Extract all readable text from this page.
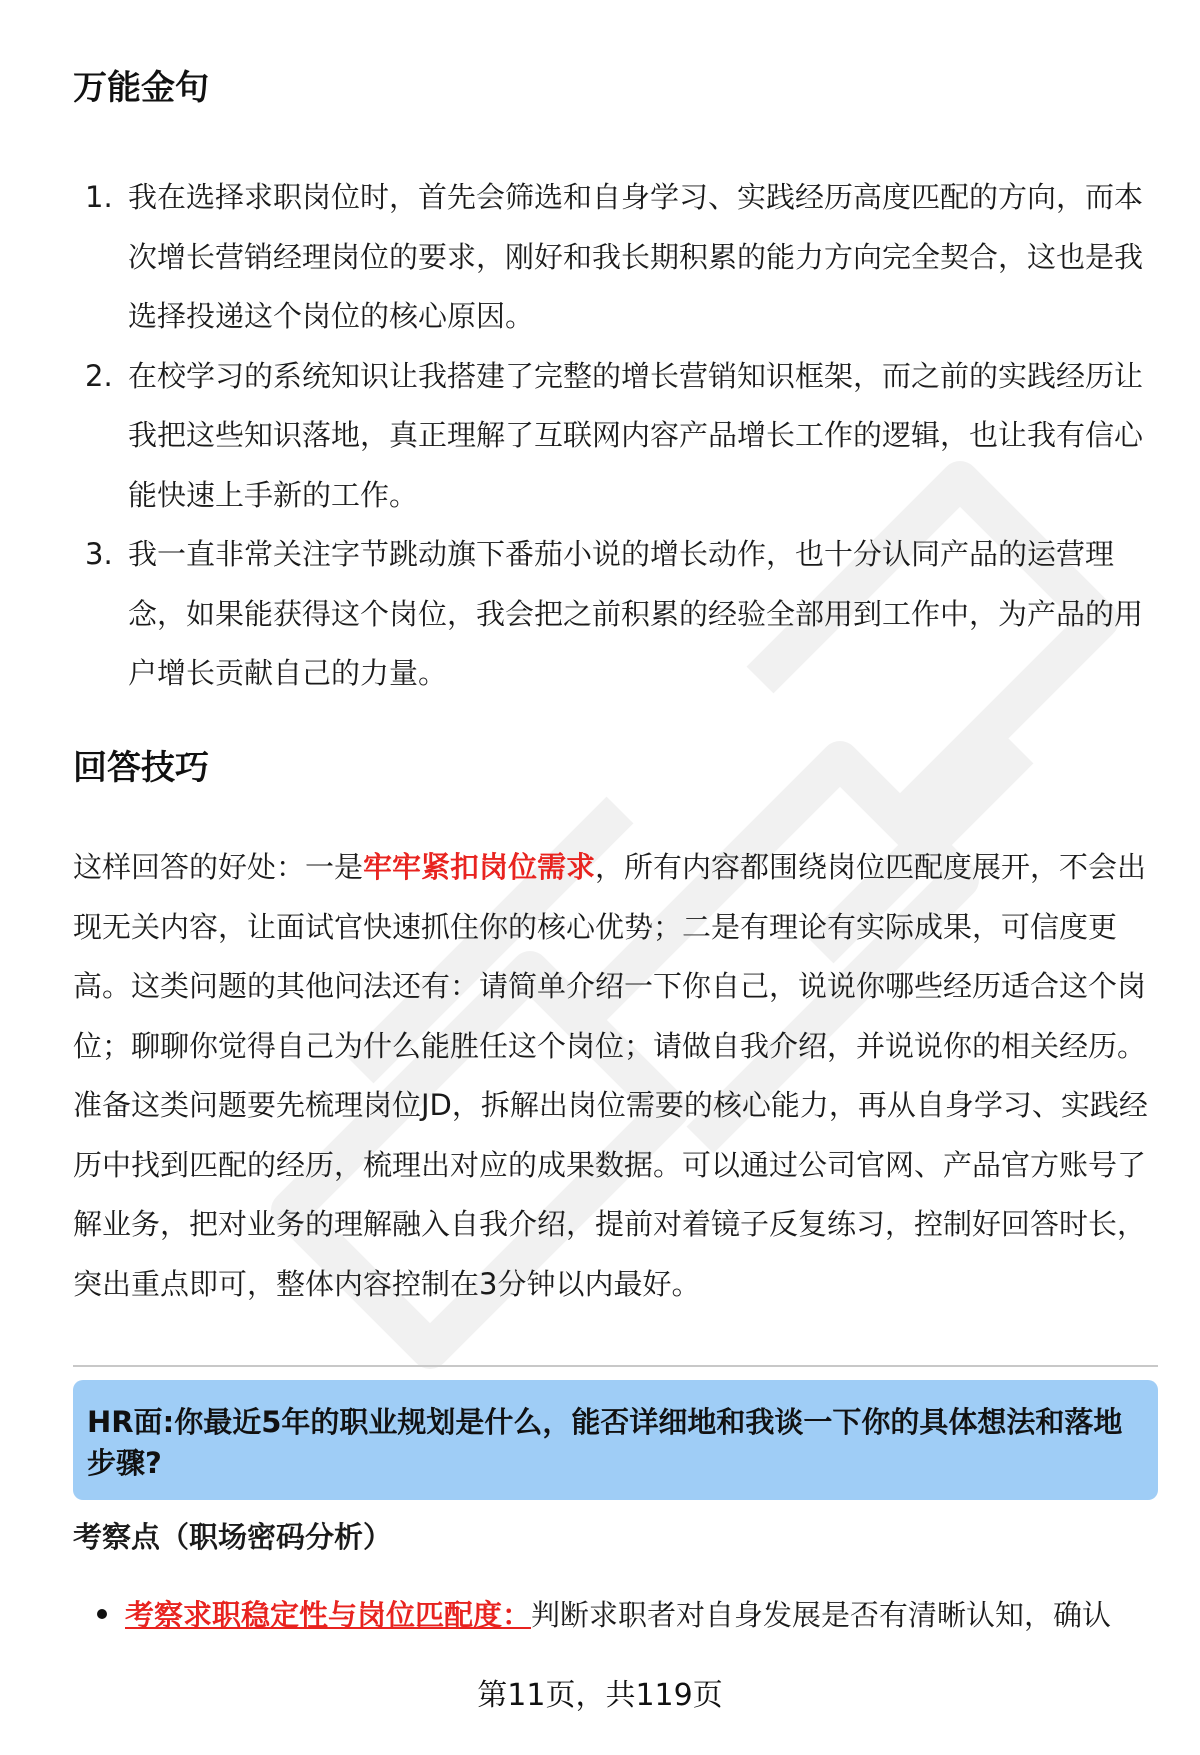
万能金句
1. 我在选择求职岗位时，首先会筛选和自身学习、实践经历高度匹配的方向，而本次增长营销经理岗位的要求，刚好和我长期积累的能力方向完全契合，这也是我选择投递这个岗位的核心原因。
2. 在校学习的系统知识让我搭建了完整的增长营销知识框架，而之前的实践经历让我把这些知识落地，真正理解了互联网内容产品增长工作的逻辑，也让我有信心能快速上手新的工作。
3. 我一直非常关注字节跳动旗下番茄小说的增长动作，也十分认同产品的运营理念，如果能获得这个岗位，我会把之前积累的经验全部用到工作中，为产品的用户增长贡献自己的力量。
回答技巧

这样回答的好处：一是牢牢紧扣岗位需求，所有内容都围绕岗位匹配度展开，不会出现无关内容，让面试官快速抓住你的核心优势；二是有理论有实际成果，可信度更高。这类问题的其他问法还有：请简单介绍一下你自己，说说你哪些经历适合这个岗位；聊聊你觉得自己为什么能胜任这个岗位；请做自我介绍，并说说你的相关经历。准备这类问题要先梳理岗位JD，拆解出岗位需要的核心能力，再从自身学习、实践经历中找到匹配的经历，梳理出对应的成果数据。可以通过公司官网、产品官方账号了解业务，把对业务的理解融入自我介绍，提前对着镜子反复练习，控制好回答时长，突出重点即可，整体内容控制在3分钟以内最好。

HR面:你最近5年的职业规划是什么，能否详细地和我谈一下你的具体想法和落地步骤?

考察点（职场密码分析）

考察求职稳定性与岗位匹配度：判断求职者对自身发展是否有清晰认知，确认

第11页，共119页
